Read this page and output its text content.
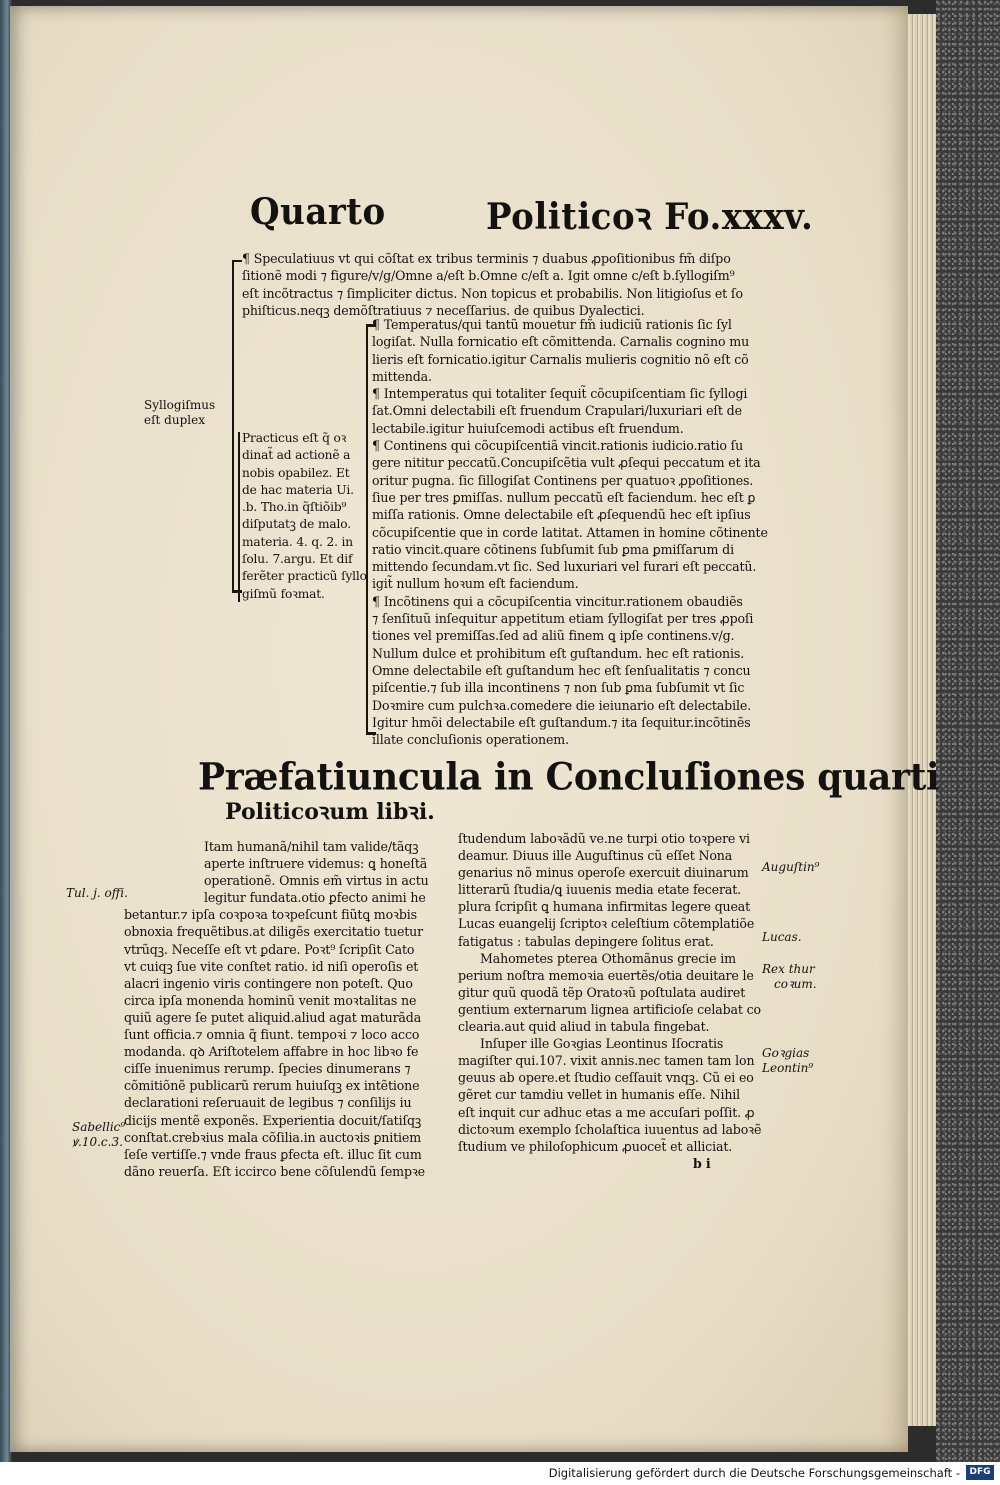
Quarto	Politicoꝛ Fo.xxxv.
Syllogiſmus
eſt duplex
¶ Speculatiuus vt qui cõſtat ex tribus terminis ⁊ duabus ꝓpoſitionibus fm̃ diſpo
ſitionẽ modi ⁊ figure/v/g/Omne a/eſt b.Omne c/eſt a. Igit omne c/eſt b.ſyllogiſm⁹
eſt incõtractus ⁊ ſimpliciter dictus. Non topicus et probabilis. Non litigioſus et ſo
phiſticus.neqꝫ demõſtratiuus ⁊ neceſſarius. de quibus Dyalectici.
¶ Temperatus/qui tantũ mouetur fm̃ iudiciũ rationis ſic ſyl
logiſat. Nulla fornicatio eſt cõmittenda. Carnalis cognino mu
lieris eſt fornicatio.igitur Carnalis mulieris cognitio nõ eſt cõ
mittenda.
¶ Intemperatus qui totaliter ſequit̃ cõcupiſcentiam ſic ſyllogi
ſat.Omni delectabili eſt fruendum Crapulari/luxuriari eſt de
lectabile.igitur huiuſcemodi actibus eſt fruendum.
¶ Continens qui cõcupiſcentiã vincit.rationis iudicio.ratio ſu
gere nititur peccatũ.Concupiſcẽtia vult ꝓſequi peccatum et ita
oritur pugna. ſic ſillogiſat Continens per quatuoꝛ ꝓpoſitiones.
ſiue per tres ꝑmiſſas. nullum peccatũ eſt faciendum. hec eſt ꝑ
miſſa rationis. Omne delectabile eſt ꝓſequendũ hec eſt ipſius
cõcupiſcentie que in corde latitat. Attamen in homine cõtinente
ratio vincit.quare cõtinens ſubſumit ſub ꝑma ꝑmiſſarum di
mittendo ſecundam.vt ſic. Sed luxuriari vel furari eſt peccatũ.
igit̃ nullum hoꝛum eſt faciendum.
¶ Incõtinens qui a cõcupiſcentia vincitur.rationem obaudiẽs
⁊ ſenſituũ inſequitur appetitum etiam ſyllogiſat per tres ꝓpoſi
tiones vel premiſſas.ſed ad aliũ finem ꝗ ipſe continens.v/g.
Nullum dulce et prohibitum eſt guſtandum. hec eſt rationis.
Omne delectabile eſt guſtandum hec eſt ſenſualitatis ⁊ concu
piſcentie.⁊ ſub illa incontinens ⁊ non ſub ꝑma ſubſumit vt ſic
Doꝛmire cum pulchꝛa.comedere die ieiunario eſt delectabile.
Igitur hmõi delectabile eſt guſtandum.⁊ ita ſequitur.incõtinẽs
illate concluſionis operationem.
Practicus eſt q̃ oꝛ
dinat̃ ad actionẽ a
nobis opabilez. Et
de hac materia Ui.
.b. Tho.in q̃ſtiõib⁹
diſputatꝫ de malo.
materia. 4. q. 2. in
ſolu. 7.argu. Et dif
ferẽter practicũ ſyllo
giſmũ foꝛmat.
Præfatiuncula in Concluſiones quarti
Politicoꝛum libꝛi.
Itam humanã/nihil tam valide/tãqꝫ
aperte inſtruere videmus: ꝗ honeſtã
operationẽ. Omnis em̃ virtus in actu
legitur fundata.otio ꝑfecto animi he
betantur.⁊ ipſa coꝛpoꝛa toꝛpeſcunt fiũtꝗ moꝛbis
obnoxia frequẽtibus.at diligẽs exercitatio tuetur
vtrũqꝫ. Neceſſe eſt vt ꝑdare. Poꝛt⁹ ſcripſit Cato
vt cuiqꝫ ſue vite conſtet ratio. id niſi operoſis et
alacri ingenio viris contingere non poteſt. Quo
circa ipſa monenda hominũ venit moꝛtalitas ne
quiũ agere ſe putet aliquid.aliud agat maturãda
ſunt officia.⁊ omnia q̃ fiunt. tempoꝛi ⁊ loco acco
modanda. qꝺ Ariſtotelem affabre in hoc libꝛo fe
ciſſe inuenimus rerump. ſpecies dinumerans ⁊
cõmitiõnẽ publicarũ rerum huiuſqꝫ ex intẽtione
declarationi reſeruauit de legibus ⁊ conſilijs iu
dicijs mentẽ exponẽs. Experientia docuit/ſatiſqꝫ
conſtat.crebꝛius mala cõſilia.in auctoꝛis ꝑnitiem
ſeſe vertiſſe.⁊ vnde fraus ꝑfecta eſt. illuc ſit cum
dãno reuerſa. Eſt iccirco bene cõſulendũ ſempꝛe
ſtudendum laboꝛãdũ ve.ne turpi otio toꝛpere vi
deamur. Diuus ille Auguſtinus cũ eſſet Nona
genarius nõ minus operoſe exercuit diuinarum
litterarũ ſtudia/ꝗ iuuenis media etate fecerat.
plura ſcripſit ꝗ humana infirmitas legere queat
Lucas euangelij ſcriptoꝛ celeſtium cõtemplatiõe
fatigatus : tabulas depingere ſolitus erat.
Mahometes pterea Othomãnus grecie im
perium noſtra memoꝛia euertẽs/otia deuitare le
gitur quũ quodã tẽp Oratoꝛũ poſtulata audiret
gentium externarum lignea artificioſe celabat co
clearia.aut quid aliud in tabula fingebat.
Inſuper ille Goꝛgias Leontinus Iſocratis
magiſter qui.107. vixit annis.nec tamen tam lon
geuus ab opere.et ſtudio ceſſauit vnqꝫ. Cũ ei eo
gẽret cur tamdiu vellet in humanis eſſe. Nihil
eſt inquit cur adhuc etas a me accuſari poſſit. ꝓ
dictoꝛum exemplo ſcholaſtica iuuentus ad laboꝛẽ
ſtudium ve philoſophicum ꝓuocet̃ et alliciat.
b i
Tul. j. offi.
Sabellic⁹
ꝟ.10.c.3.
Auguſtin⁹
Lucas.
Rex thur
coꝛum.
Goꝛgias
Leontin⁹
Digitalisierung gefördert durch die Deutsche Forschungsgemeinschaft -	DFG
